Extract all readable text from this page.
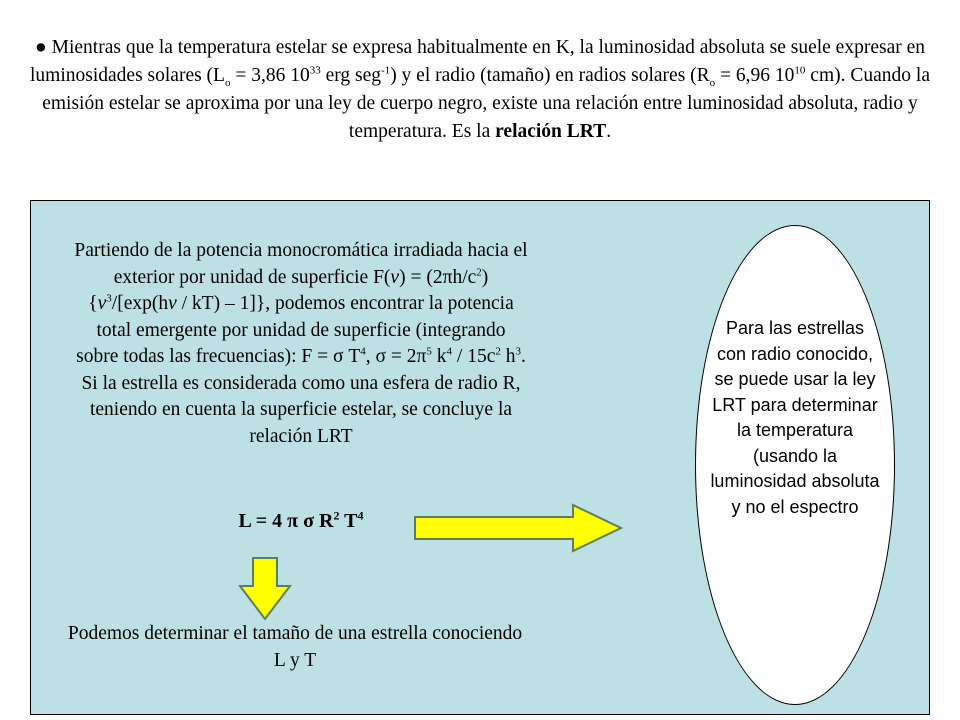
● Mientras que la temperatura estelar se expresa habitualmente en K, la luminosidad absoluta se suele expresar en luminosidades solares ($L_o = 3,86$ $10^{33}$ erg seg$^{-1}$) y el radio (tamaño) en radios solares ($R_o = 6,96$ $10^{10}$ cm). Cuando la emisión estelar se aproxima por una ley de cuerpo negro, existe una relación entre luminosidad absoluta, radio y temperatura. Es la relación LRT.
Partiendo de la potencia monocromática irradiada hacia el exterior por unidad de superficie $F(\nu) = (2\pi h/c^2)\{\nu^3/[\exp(h\nu / kT) - 1]\}$, podemos encontrar la potencia total emergente por unidad de superficie (integrando sobre todas las frecuencias): F = σ $T^4$, $\sigma = 2\pi^5$ $k^4 / 15c^2$ $h^3$. Si la estrella es considerada como una esfera de radio R, teniendo en cuenta la superficie estelar, se concluye la relación LRT
L = 4 π σ $R^2$ $T^4$
Podemos determinar el tamaño de una estrella conociendo L y T
Para las estrellas con radio conocido, se puede usar la ley LRT para determinar la temperatura (usando la luminosidad absoluta y no el espectro
